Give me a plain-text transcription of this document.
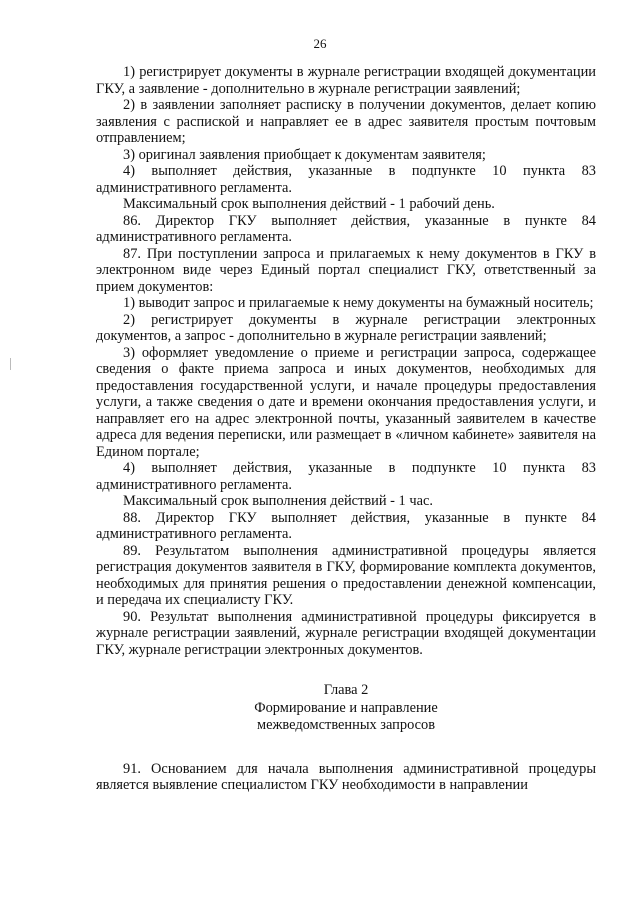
26

1) регистрирует документы в журнале регистрации входящей документации ГКУ, а заявление - дополнительно в журнале регистрации заявлений;

2) в заявлении заполняет расписку в получении документов, делает копию заявления с распиской и направляет ее в адрес заявителя простым почтовым отправлением;

3) оригинал заявления приобщает к документам заявителя;

4) выполняет действия, указанные в подпункте 10 пункта 83 административного регламента.

Максимальный срок выполнения действий - 1 рабочий день.

86. Директор ГКУ выполняет действия, указанные в пункте 84 административного регламента.

87. При поступлении запроса и прилагаемых к нему документов в ГКУ в электронном виде через Единый портал специалист ГКУ, ответственный за прием документов:

1) выводит запрос и прилагаемые к нему документы на бумажный носитель;

2) регистрирует документы в журнале регистрации электронных документов, а запрос - дополнительно в журнале регистрации заявлений;

3) оформляет уведомление о приеме и регистрации запроса, содержащее сведения о факте приема запроса и иных документов, необходимых для предоставления государственной услуги, и начале процедуры предоставления услуги, а также сведения о дате и времени окончания предоставления услуги, и направляет его на адрес электронной почты, указанный заявителем в качестве адреса для ведения переписки, или размещает в «личном кабинете» заявителя на Едином портале;

4) выполняет действия, указанные в подпункте 10 пункта 83 административного регламента.

Максимальный срок выполнения действий - 1 час.

88. Директор ГКУ выполняет действия, указанные в пункте 84 административного регламента.

89. Результатом выполнения административной процедуры является регистрация документов заявителя в ГКУ, формирование комплекта документов, необходимых для принятия решения о предоставлении денежной компенсации, и передача их специалисту ГКУ.

90. Результат выполнения административной процедуры фиксируется в журнале регистрации заявлений, журнале регистрации входящей документации ГКУ, журнале регистрации электронных документов.

Глава 2
Формирование и направление
межведомственных запросов

91. Основанием для начала выполнения административной процедуры является выявление специалистом ГКУ необходимости в направлении
